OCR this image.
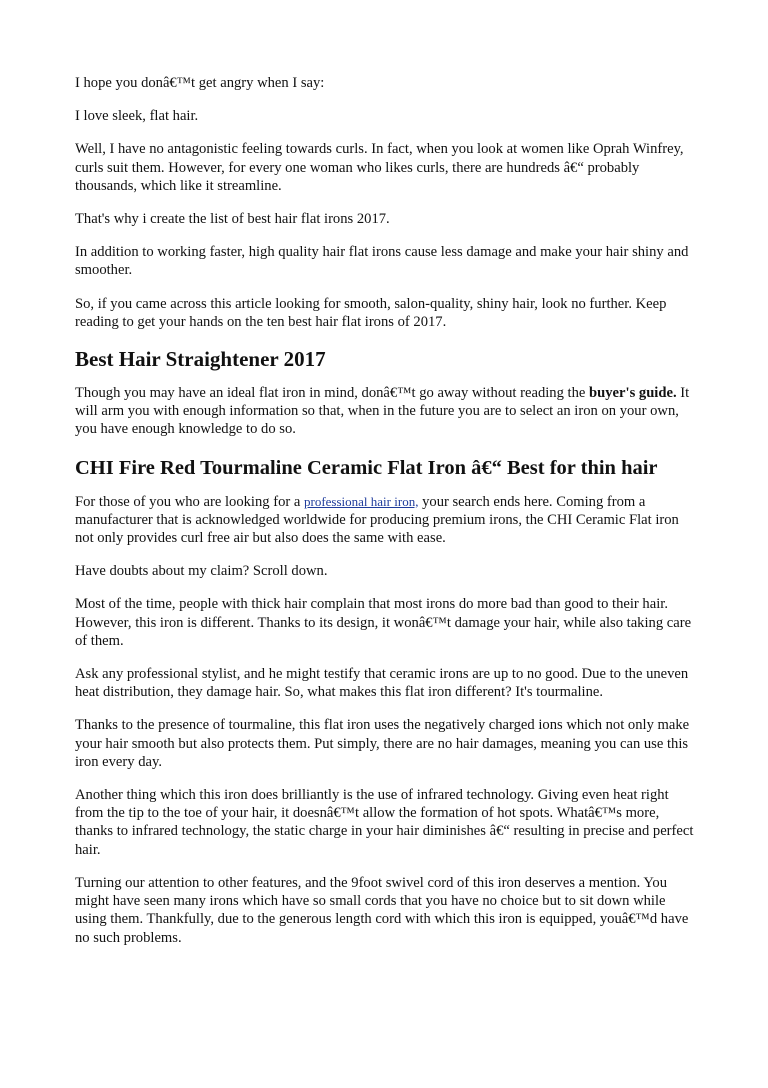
I hope you donâ€™t get angry when I say:

I love sleek, flat hair.

Well, I have no antagonistic feeling towards curls. In fact, when you look at women like Oprah Winfrey, curls suit them. However, for every one woman who likes curls, there are hundreds â€“ probably thousands, which like it streamline.

That's why i create the list of best hair flat irons 2017.

In addition to working faster, high quality hair flat irons cause less damage and make your hair shiny and smoother.

So, if you came across this article looking for smooth, salon-quality, shiny hair, look no further. Keep reading to get your hands on the ten best hair flat irons of 2017.

Best Hair Straightener 2017

Though you may have an ideal flat iron in mind, donâ€™t go away without reading the buyer's guide. It will arm you with enough information so that, when in the future you are to select an iron on your own, you have enough knowledge to do so.

CHI Fire Red Tourmaline Ceramic Flat Iron â€“ Best for thin hair

For those of you who are looking for a professional hair iron, your search ends here. Coming from a manufacturer that is acknowledged worldwide for producing premium irons, the CHI Ceramic Flat iron not only provides curl free air but also does the same with ease.

Have doubts about my claim? Scroll down.

Most of the time, people with thick hair complain that most irons do more bad than good to their hair. However, this iron is different. Thanks to its design, it wonâ€™t damage your hair, while also taking care of them.

Ask any professional stylist, and he might testify that ceramic irons are up to no good. Due to the uneven heat distribution, they damage hair. So, what makes this flat iron different? It's tourmaline.

Thanks to the presence of tourmaline, this flat iron uses the negatively charged ions which not only make your hair smooth but also protects them. Put simply, there are no hair damages, meaning you can use this iron every day.

Another thing which this iron does brilliantly is the use of infrared technology. Giving even heat right from the tip to the toe of your hair, it doesnâ€™t allow the formation of hot spots. Whatâ€™s more, thanks to infrared technology, the static charge in your hair diminishes â€“ resulting in precise and perfect hair.

Turning our attention to other features, and the 9foot swivel cord of this iron deserves a mention. You might have seen many irons which have so small cords that you have no choice but to sit down while using them. Thankfully, due to the generous length cord with which this iron is equipped, youâ€™d have no such problems.
